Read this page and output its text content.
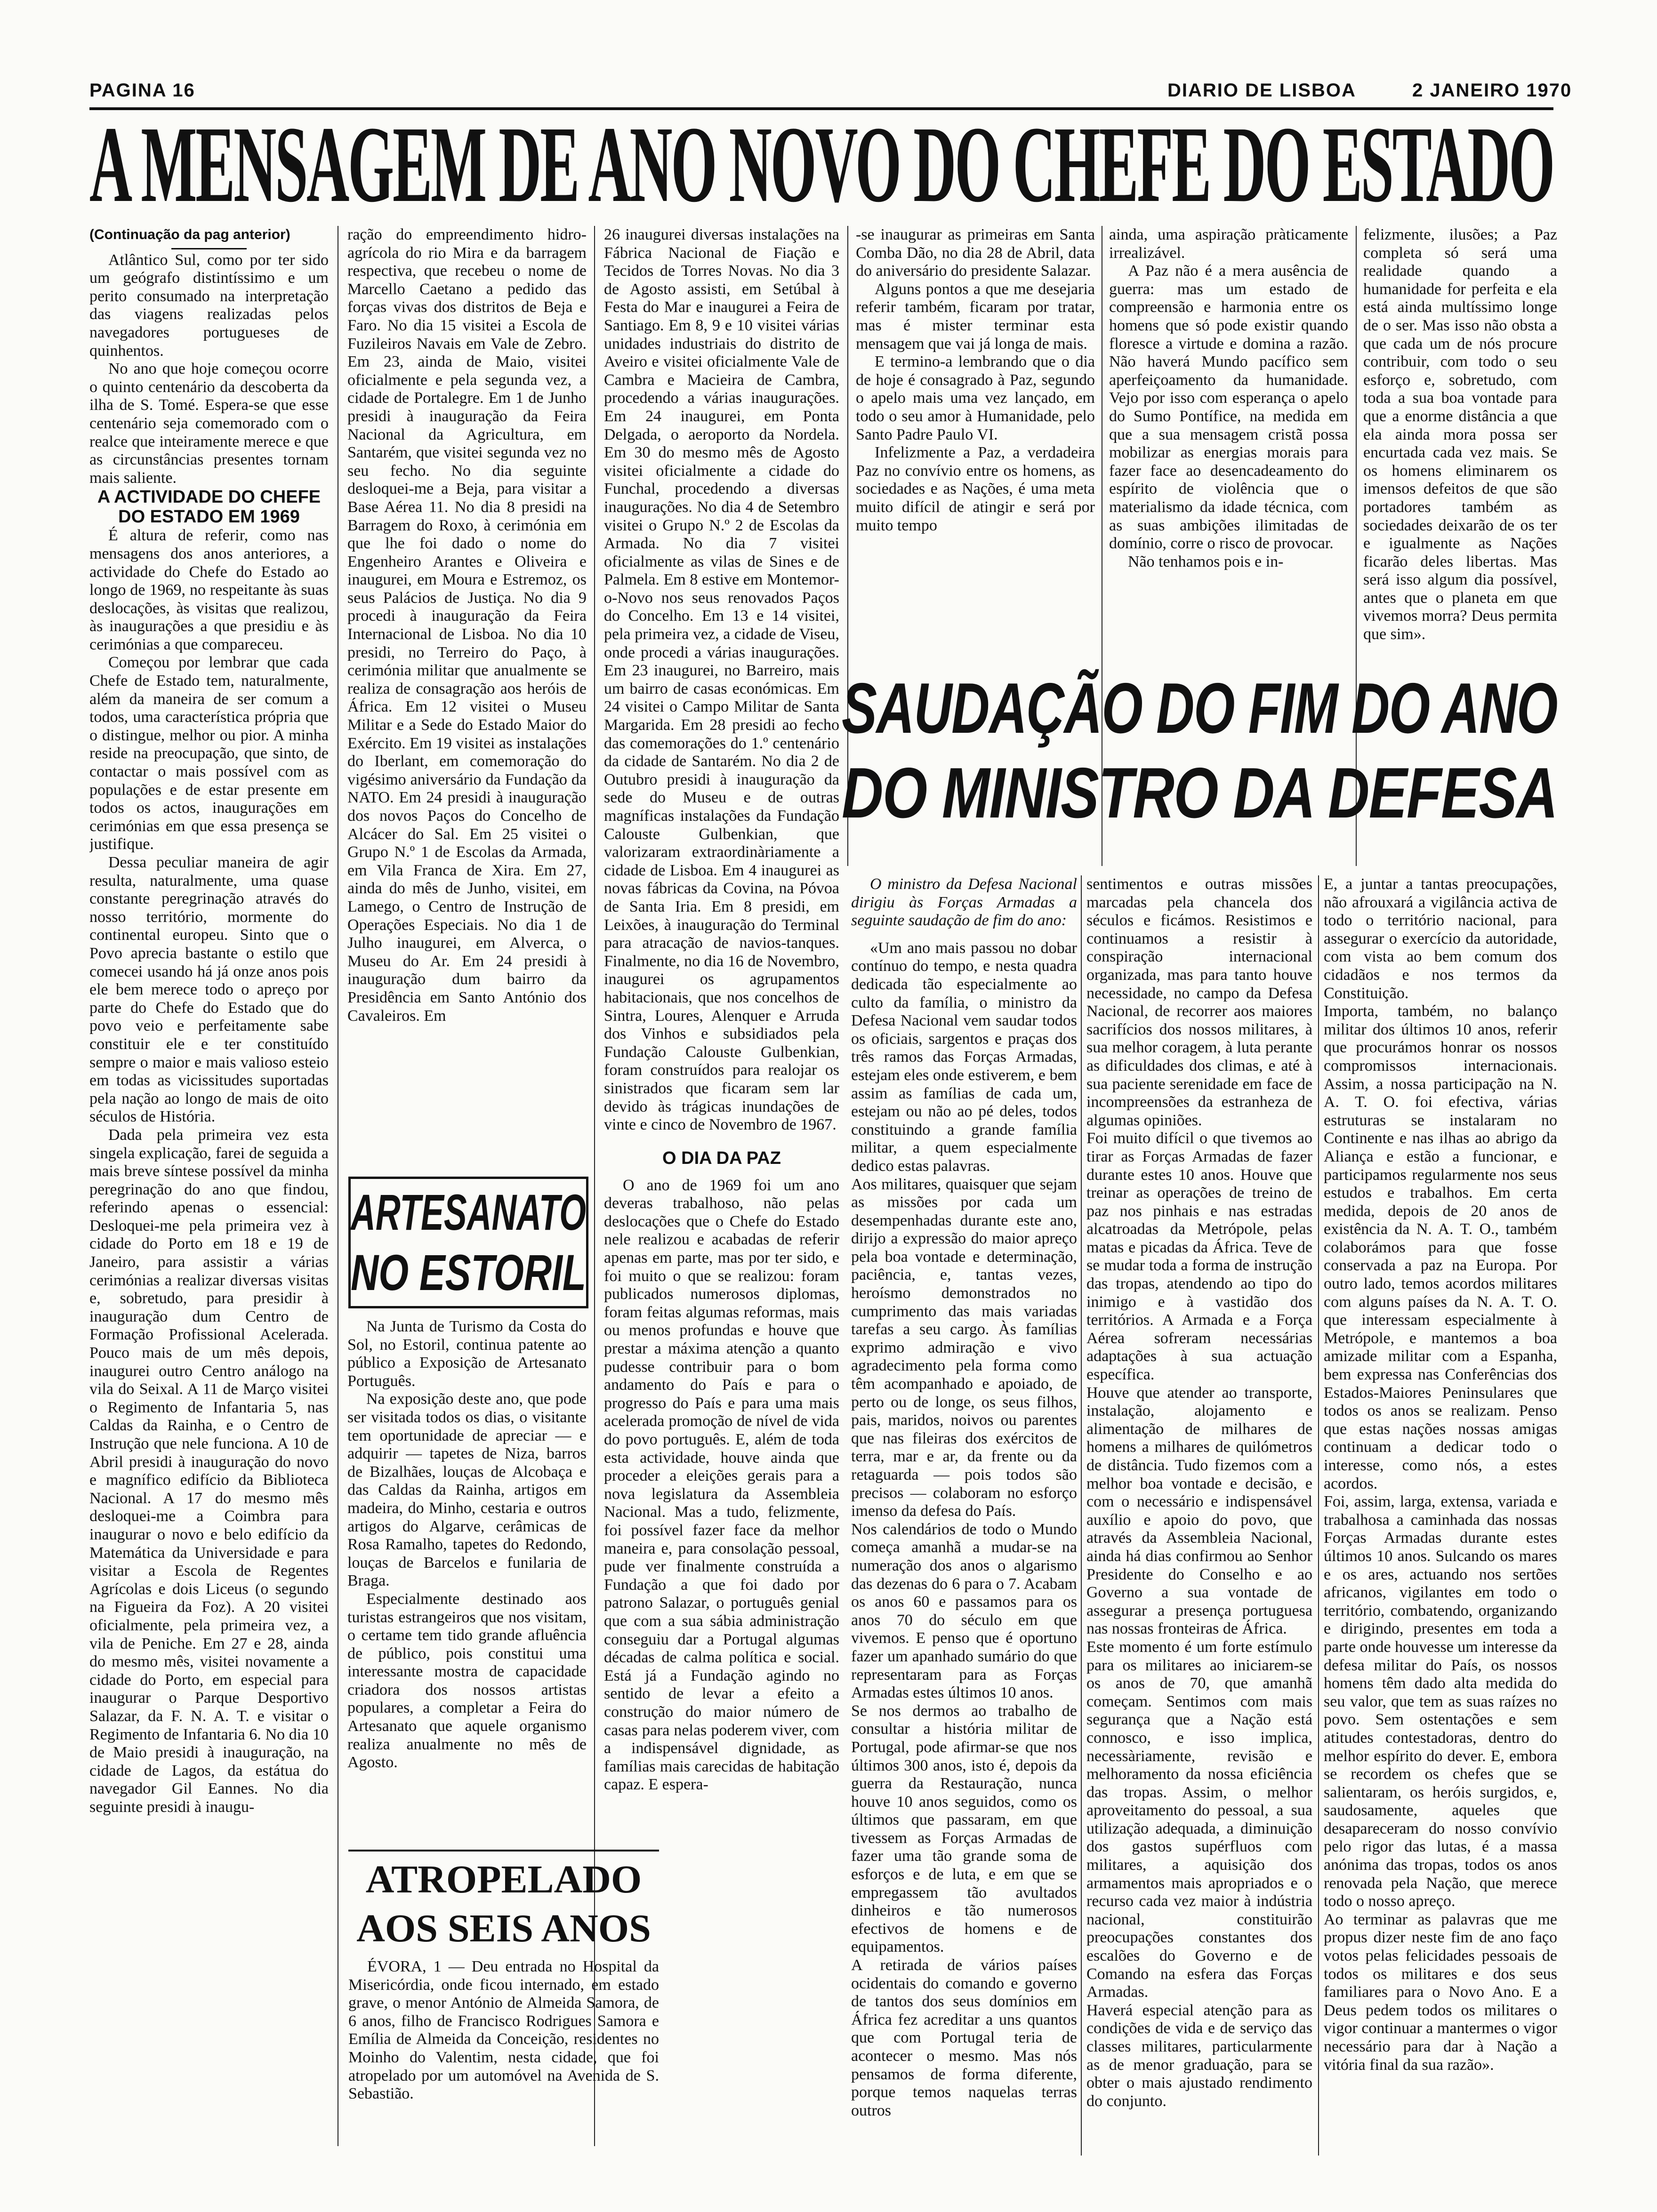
PAGINA 16	DIARIO DE LISBOA	2 JANEIRO 1970
A MENSAGEM DE ANO NOVO DO CHEFE DO ESTADO

(Continuação da pag anterior)

Atlântico Sul, como por ter sido um geógrafo distintíssimo e um perito consumado na interpretação das viagens realizadas pelos navegadores portugueses de quinhentos.

No ano que hoje começou ocorre o quinto centenário da descoberta da ilha de S. Tomé. Espera-se que esse centenário seja comemorado com o realce que inteiramente merece e que as circunstâncias presentes tornam mais saliente.

A ACTIVIDADE DO CHEFE DO ESTADO EM 1969

É altura de referir, como nas mensagens dos anos anteriores, a actividade do Chefe do Estado ao longo de 1969, no respeitante às suas deslocações, às visitas que realizou, às inaugurações a que presidiu e às cerimónias a que compareceu.

Começou por lembrar que cada Chefe de Estado tem, naturalmente, além da maneira de ser comum a todos, uma característica própria que o distingue, melhor ou pior. A minha reside na preocupação, que sinto, de contactar o mais possível com as populações e de estar presente em todos os actos, inaugurações em cerimónias em que essa presença se justifique.

Dessa peculiar maneira de agir resulta, naturalmente, uma quase constante peregrinação através do nosso território, mormente do continental europeu. Sinto que o Povo aprecia bastante o estilo que comecei usando há já onze anos pois ele bem merece todo o apreço por parte do Chefe do Estado que do povo veio e perfeitamente sabe constituir ele e ter constituído sempre o maior e mais valioso esteio em todas as vicissitudes suportadas pela nação ao longo de mais de oito séculos de História.

Dada pela primeira vez esta singela explicação, farei de seguida a mais breve síntese possível da minha peregrinação do ano que findou, referindo apenas o essencial: Desloquei-me pela primeira vez à cidade do Porto em 18 e 19 de Janeiro, para assistir a várias cerimónias a realizar diversas visitas e, sobretudo, para presidir à inauguração dum Centro de Formação Profissional Acelerada. Pouco mais de um mês depois, inaugurei outro Centro análogo na vila do Seixal. A 11 de Março visitei o Regimento de Infantaria 5, nas Caldas da Rainha, e o Centro de Instrução que nele funciona. A 10 de Abril presidi à inauguração do novo e magnífico edifício da Biblioteca Nacional. A 17 do mesmo mês desloquei-me a Coimbra para inaugurar o novo e belo edifício da Matemática da Universidade e para visitar a Escola de Regentes Agrícolas e dois Liceus (o segundo na Figueira da Foz). A 20 visitei oficialmente, pela primeira vez, a vila de Peniche. Em 27 e 28, ainda do mesmo mês, visitei novamente a cidade do Porto, em especial para inaugurar o Parque Desportivo Salazar, da F. N. A. T. e visitar o Regimento de Infantaria 6. No dia 10 de Maio presidi à inauguração, na cidade de Lagos, da estátua do navegador Gil Eannes. No dia seguinte presidi à inaugu-

ração do empreendimento hidro-agrícola do rio Mira e da barragem respectiva, que recebeu o nome de Marcello Caetano a pedido das forças vivas dos distritos de Beja e Faro. No dia 15 visitei a Escola de Fuzileiros Navais em Vale de Zebro. Em 23, ainda de Maio, visitei oficialmente e pela segunda vez, a cidade de Portalegre. Em 1 de Junho presidi à inauguração da Feira Nacional da Agricultura, em Santarém, que visitei segunda vez no seu fecho. No dia seguinte desloquei-me a Beja, para visitar a Base Aérea 11. No dia 8 presidi na Barragem do Roxo, à cerimónia em que lhe foi dado o nome do Engenheiro Arantes e Oliveira e inaugurei, em Moura e Estremoz, os seus Palácios de Justiça. No dia 9 procedi à inauguração da Feira Internacional de Lisboa. No dia 10 presidi, no Terreiro do Paço, à cerimónia militar que anualmente se realiza de consagração aos heróis de África. Em 12 visitei o Museu Militar e a Sede do Estado Maior do Exército. Em 19 visitei as instalações do Iberlant, em comemoração do vigésimo aniversário da Fundação da NATO. Em 24 presidi à inauguração dos novos Paços do Concelho de Alcácer do Sal. Em 25 visitei o Grupo N.º 1 de Escolas da Armada, em Vila Franca de Xira. Em 27, ainda do mês de Junho, visitei, em Lamego, o Centro de Instrução de Operações Especiais. No dia 1 de Julho inaugurei, em Alverca, o Museu do Ar. Em 24 presidi à inauguração dum bairro da Presidência em Santo António dos Cavaleiros. Em

ARTESANATO
NO ESTORIL

Na Junta de Turismo da Costa do Sol, no Estoril, continua patente ao público a Exposição de Artesanato Português.

Na exposição deste ano, que pode ser visitada todos os dias, o visitante tem oportunidade de apreciar — e adquirir — tapetes de Niza, barros de Bizalhães, louças de Alcobaça e das Caldas da Rainha, artigos em madeira, do Minho, cestaria e outros artigos do Algarve, cerâmicas de Rosa Ramalho, tapetes do Redondo, louças de Barcelos e funilaria de Braga.

Especialmente destinado aos turistas estrangeiros que nos visitam, o certame tem tido grande afluência de público, pois constitui uma interessante mostra de capacidade criadora dos nossos artistas populares, a completar a Feira do Artesanato que aquele organismo realiza anualmente no mês de Agosto.

ATROPELADO
AOS SEIS ANOS

ÉVORA, 1 — Deu entrada no Hospital da Misericórdia, onde ficou internado, em estado grave, o menor António de Almeida Samora, de 6 anos, filho de Francisco Rodrigues Samora e Emília de Almeida da Conceição, residentes no Moinho do Valentim, nesta cidade, que foi atropelado por um automóvel na Avenida de S. Sebastião.

26 inaugurei diversas instalações na Fábrica Nacional de Fiação e Tecidos de Torres Novas. No dia 3 de Agosto assisti, em Setúbal à Festa do Mar e inaugurei a Feira de Santiago. Em 8, 9 e 10 visitei várias unidades industriais do distrito de Aveiro e visitei oficialmente Vale de Cambra e Macieira de Cambra, procedendo a várias inaugurações. Em 24 inaugurei, em Ponta Delgada, o aeroporto da Nordela. Em 30 do mesmo mês de Agosto visitei oficialmente a cidade do Funchal, procedendo a diversas inaugurações. No dia 4 de Setembro visitei o Grupo N.º 2 de Escolas da Armada. No dia 7 visitei oficialmente as vilas de Sines e de Palmela. Em 8 estive em Montemor-o-Novo nos seus renovados Paços do Concelho. Em 13 e 14 visitei, pela primeira vez, a cidade de Viseu, onde procedi a várias inaugurações. Em 23 inaugurei, no Barreiro, mais um bairro de casas económicas. Em 24 visitei o Campo Militar de Santa Margarida. Em 28 presidi ao fecho das comemorações do 1.º centenário da cidade de Santarém. No dia 2 de Outubro presidi à inauguração da sede do Museu e de outras magníficas instalações da Fundação Calouste Gulbenkian, que valorizaram extraordinàriamente a cidade de Lisboa. Em 4 inaugurei as novas fábricas da Covina, na Póvoa de Santa Iria. Em 8 presidi, em Leixões, à inauguração do Terminal para atracação de navios-tanques. Finalmente, no dia 16 de Novembro, inaugurei os agrupamentos habitacionais, que nos concelhos de Sintra, Loures, Alenquer e Arruda dos Vinhos e subsidiados pela Fundação Calouste Gulbenkian, foram construídos para realojar os sinistrados que ficaram sem lar devido às trágicas inundações de vinte e cinco de Novembro de 1967.

O DIA DA PAZ

O ano de 1969 foi um ano deveras trabalhoso, não pelas deslocações que o Chefe do Estado nele realizou e acabadas de referir apenas em parte, mas por ter sido, e foi muito o que se realizou: foram publicados numerosos diplomas, foram feitas algumas reformas, mais ou menos profundas e houve que prestar a máxima atenção a quanto pudesse contribuir para o bom andamento do País e para o progresso do País e para uma mais acelerada promoção de nível de vida do povo português. E, além de toda esta actividade, houve ainda que proceder a eleições gerais para a nova legislatura da Assembleia Nacional. Mas a tudo, felizmente, foi possível fazer face da melhor maneira e, para consolação pessoal, pude ver finalmente construída a Fundação a que foi dado por patrono Salazar, o português genial que com a sua sábia administração conseguiu dar a Portugal algumas décadas de calma política e social. Está já a Fundação agindo no sentido de levar a efeito a construção do maior número de casas para nelas poderem viver, com a indispensável dignidade, as famílias mais carecidas de habitação capaz. E espera-

-se inaugurar as primeiras em Santa Comba Dão, no dia 28 de Abril, data do aniversário do presidente Salazar.

Alguns pontos a que me desejaria referir também, ficaram por tratar, mas é mister terminar esta mensagem que vai já longa de mais.

E termino-a lembrando que o dia de hoje é consagrado à Paz, segundo o apelo mais uma vez lançado, em todo o seu amor à Humanidade, pelo Santo Padre Paulo VI.

Infelizmente a Paz, a verdadeira Paz no convívio entre os homens, as sociedades e as Nações, é uma meta muito difícil de atingir e será por muito tempo

ainda, uma aspiração pràticamente irrealizável.

A Paz não é a mera ausência de guerra: mas um estado de compreensão e harmonia entre os homens que só pode existir quando floresce a virtude e domina a razão. Não haverá Mundo pacífico sem aperfeiçoamento da humanidade. Vejo por isso com esperança o apelo do Sumo Pontífice, na medida em que a sua mensagem cristã possa mobilizar as energias morais para fazer face ao desencadeamento do espírito de violência que o materialismo da idade técnica, com as suas ambições ilimitadas de domínio, corre o risco de provocar.

Não tenhamos pois e in-

felizmente, ilusões; a Paz completa só será uma realidade quando a humanidade for perfeita e ela está ainda multíssimo longe de o ser. Mas isso não obsta a que cada um de nós procure contribuir, com todo o seu esforço e, sobretudo, com toda a sua boa vontade para que a enorme distância a que ela ainda mora possa ser encurtada cada vez mais. Se os homens eliminarem os imensos defeitos de que são portadores também as sociedades deixarão de os ter e igualmente as Nações ficarão deles libertas. Mas será isso algum dia possível, antes que o planeta em que vivemos morra? Deus permita que sim».

SAUDAÇÃO DO FIM DO ANO
DO MINISTRO DA DEFESA

O ministro da Defesa Nacional dirigiu às Forças Armadas a seguinte saudação de fim do ano:

«Um ano mais passou no dobar contínuo do tempo, e nesta quadra dedicada tão especialmente ao culto da família, o ministro da Defesa Nacional vem saudar todos os oficiais, sargentos e praças dos três ramos das Forças Armadas, estejam eles onde estiverem, e bem assim as famílias de cada um, estejam ou não ao pé deles, todos constituindo a grande família militar, a quem especialmente dedico estas palavras.
Aos militares, quaisquer que sejam as missões por cada um desempenhadas durante este ano, dirijo a expressão do maior apreço pela boa vontade e determinação, paciência, e, tantas vezes, heroísmo demonstrados no cumprimento das mais variadas tarefas a seu cargo. Às famílias exprimo admiração e vivo agradecimento pela forma como têm acompanhado e apoiado, de perto ou de longe, os seus filhos, pais, maridos, noivos ou parentes que nas fileiras dos exércitos de terra, mar e ar, da frente ou da retaguarda — pois todos são precisos — colaboram no esforço imenso da defesa do País.
Nos calendários de todo o Mundo começa amanhã a mudar-se na numeração dos anos o algarismo das dezenas do 6 para o 7. Acabam os anos 60 e passamos para os anos 70 do século em que vivemos. E penso que é oportuno fazer um apanhado sumário do que representaram para as Forças Armadas estes últimos 10 anos.
Se nos dermos ao trabalho de consultar a história militar de Portugal, pode afirmar-se que nos últimos 300 anos, isto é, depois da guerra da Restauração, nunca houve 10 anos seguidos, como os últimos que passaram, em que tivessem as Forças Armadas de fazer uma tão grande soma de esforços e de luta, e em que se empregassem tão avultados dinheiros e tão numerosos efectivos de homens e de equipamentos.
A retirada de vários países ocidentais do comando e governo de tantos dos seus domínios em África fez acreditar a uns quantos que com Portugal teria de acontecer o mesmo. Mas nós pensamos de forma diferente, porque temos naquelas terras outros

sentimentos e outras missões marcadas pela chancela dos séculos e ficámos. Resistimos e continuamos a resistir à conspiração internacional organizada, mas para tanto houve necessidade, no campo da Defesa Nacional, de recorrer aos maiores sacrifícios dos nossos militares, à sua melhor coragem, à luta perante as dificuldades dos climas, e até à sua paciente serenidade em face de incompreensões da estranheza de algumas opiniões.
Foi muito difícil o que tivemos ao tirar as Forças Armadas de fazer durante estes 10 anos. Houve que treinar as operações de treino de paz nos pinhais e nas estradas alcatroadas da Metrópole, pelas matas e picadas da África. Teve de se mudar toda a forma de instrução das tropas, atendendo ao tipo do inimigo e à vastidão dos territórios. A Armada e a Força Aérea sofreram necessárias adaptações à sua actuação específica.
Houve que atender ao transporte, instalação, alojamento e alimentação de milhares de homens a milhares de quilómetros de distância. Tudo fizemos com a melhor boa vontade e decisão, e com o necessário e indispensável auxílio e apoio do povo, que através da Assembleia Nacional, ainda há dias confirmou ao Senhor Presidente do Conselho e ao Governo a sua vontade de assegurar a presença portuguesa nas nossas fronteiras de África.
Este momento é um forte estímulo para os militares ao iniciarem-se os anos de 70, que amanhã começam. Sentimos com mais segurança que a Nação está connosco, e isso implica, necessàriamente, revisão e melhoramento da nossa eficiência das tropas. Assim, o melhor aproveitamento do pessoal, a sua utilização adequada, a diminuição dos gastos supérfluos com militares, a aquisição dos armamentos mais apropriados e o recurso cada vez maior à indústria nacional, constituirão preocupações constantes dos escalões do Governo e de Comando na esfera das Forças Armadas.
Haverá especial atenção para as condições de vida e de serviço das classes militares, particularmente as de menor graduação, para se obter o mais ajustado rendimento do conjunto.

E, a juntar a tantas preocupações, não afrouxará a vigilância activa de todo o território nacional, para assegurar o exercício da autoridade, com vista ao bem comum dos cidadãos e nos termos da Constituição.
Importa, também, no balanço militar dos últimos 10 anos, referir que procurámos honrar os nossos compromissos internacionais. Assim, a nossa participação na N. A. T. O. foi efectiva, várias estruturas se instalaram no Continente e nas ilhas ao abrigo da Aliança e estão a funcionar, e participamos regularmente nos seus estudos e trabalhos. Em certa medida, depois de 20 anos de existência da N. A. T. O., também colaborámos para que fosse conservada a paz na Europa. Por outro lado, temos acordos militares com alguns países da N. A. T. O. que interessam especialmente à Metrópole, e mantemos a boa amizade militar com a Espanha, bem expressa nas Conferências dos Estados-Maiores Peninsulares que todos os anos se realizam. Penso que estas nações nossas amigas continuam a dedicar todo o interesse, como nós, a estes acordos.
Foi, assim, larga, extensa, variada e trabalhosa a caminhada das nossas Forças Armadas durante estes últimos 10 anos. Sulcando os mares e os ares, actuando nos sertões africanos, vigilantes em todo o território, combatendo, organizando e dirigindo, presentes em toda a parte onde houvesse um interesse da defesa militar do País, os nossos homens têm dado alta medida do seu valor, que tem as suas raízes no povo. Sem ostentações e sem atitudes contestadoras, dentro do melhor espírito do dever. E, embora se recordem os chefes que se salientaram, os heróis surgidos, e, saudosamente, aqueles que desapareceram do nosso convívio pelo rigor das lutas, é a massa anónima das tropas, todos os anos renovada pela Nação, que merece todo o nosso apreço.
Ao terminar as palavras que me propus dizer neste fim de ano faço votos pelas felicidades pessoais de todos os militares e dos seus familiares para o Novo Ano. E a Deus pedem todos os militares o vigor continuar a mantermes o vigor necessário para dar à Nação a vitória final da sua razão».
